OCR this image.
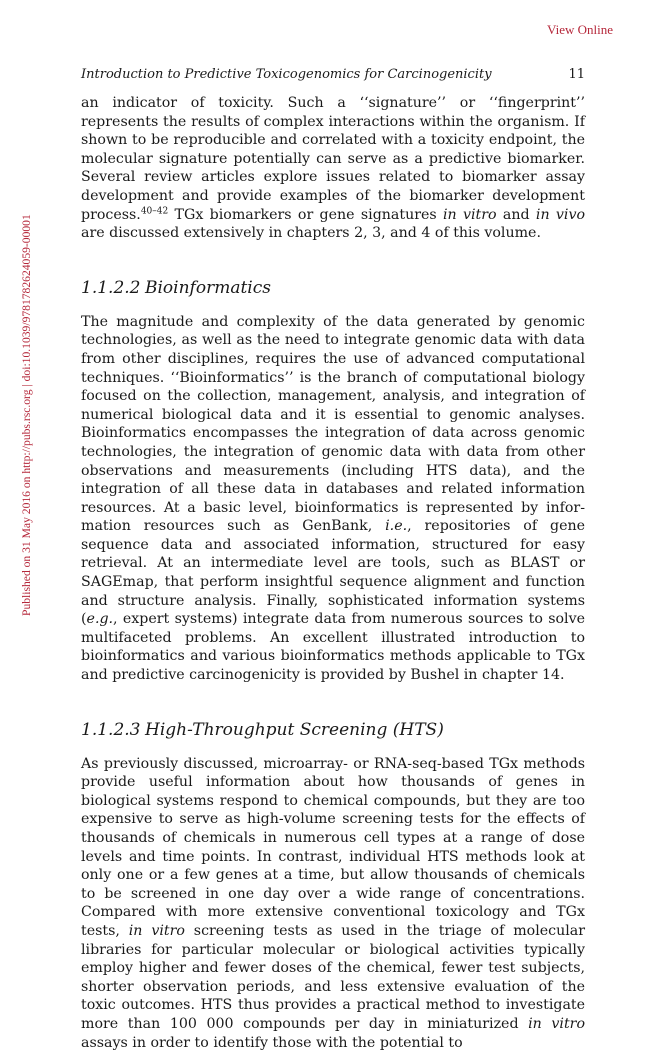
View Online
Introduction to Predictive Toxicogenomics for Carcinogenicity	11
Published on 31 May 2016 on http://pubs.rsc.org | doi:10.1039/9781782624059-00001

an indicator of toxicity. Such a ‘‘signature’’ or ‘‘fingerprint’’ represents the results of complex interactions within the organism. If shown to be reproducible and correlated with a toxicity endpoint, the molecular signature potentially can serve as a predictive biomarker. Several review articles explore issues related to biomarker assay development and provide examples of the biomarker development process.$^{40-42}$ TGx biomarkers or gene signatures in vitro and in vivo are discussed extensively in chapters 2, 3, and 4 of this volume.

1.1.2.2 Bioinformatics

The magnitude and complexity of the data generated by genomic technologies, as well as the need to integrate genomic data with data from other disciplines, requires the use of advanced computational techniques. ‘‘Bioinformatics’’ is the branch of computational biology focused on the collection, management, analysis, and integration of numerical biological data and it is essential to genomic analyses. Bioinformatics encompasses the integration of data across genomic technologies, the integration of genomic data with data from other observations and measurements (including HTS data), and the integration of all these data in databases and related information resources. At a basic level, bioinformatics is represented by information resources such as GenBank, i.e., repositories of gene sequence data and associated information, structured for easy retrieval. At an intermediate level are tools, such as BLAST or SAGEmap, that perform insightful sequence alignment and function and structure analysis. Finally, sophisticated information systems (e.g., expert systems) integrate data from numerous sources to solve multifaceted problems. An excellent illustrated introduction to bioinformatics and various bioinformatics methods applicable to TGx and predictive carcinogenicity is provided by Bushel in chapter 14.

1.1.2.3 High-Throughput Screening (HTS)

As previously discussed, microarray- or RNA-seq-based TGx methods provide useful information about how thousands of genes in biological systems respond to chemical compounds, but they are too expensive to serve as high-volume screening tests for the effects of thousands of chemicals in numerous cell types at a range of dose levels and time points. In contrast, individual HTS methods look at only one or a few genes at a time, but allow thousands of chemicals to be screened in one day over a wide range of concentrations. Compared with more extensive conventional toxicology and TGx tests, in vitro screening tests as used in the triage of molecular libraries for particular molecular or biological activities typically employ higher and fewer doses of the chemical, fewer test subjects, shorter observation periods, and less extensive evaluation of the toxic outcomes. HTS thus provides a practical method to investigate more than 100 000 compounds per day in miniaturized in vitro assays in order to identify those with the potential to
